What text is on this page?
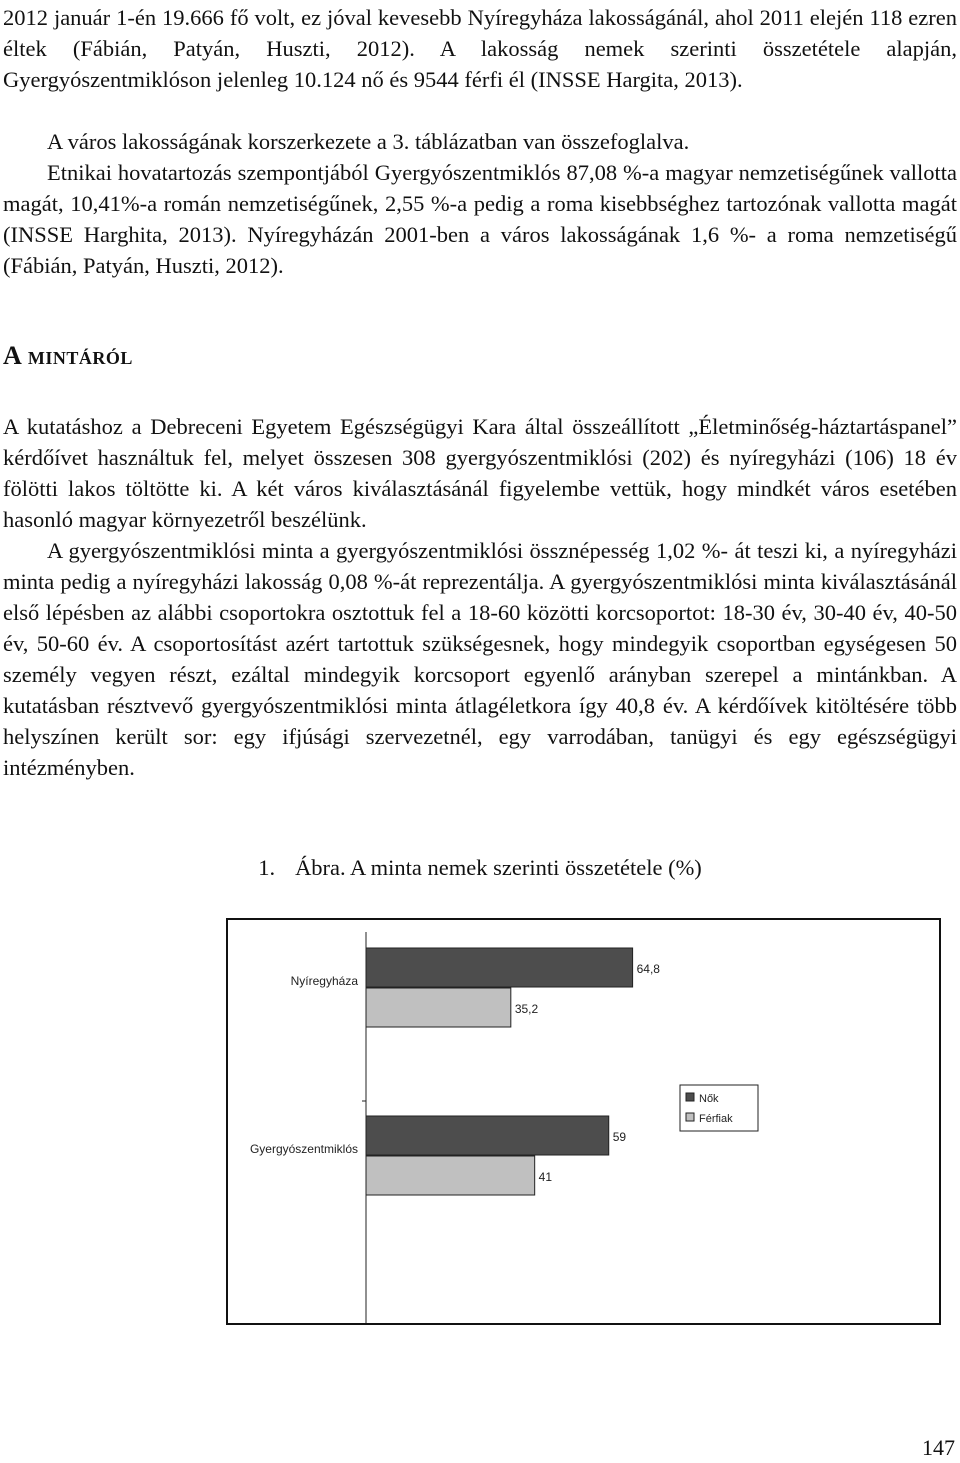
2012 január 1-én 19.666 fő volt, ez jóval kevesebb Nyíregyháza lakosságánál, ahol 2011 elején 118 ezren éltek (Fábián, Patyán, Huszti, 2012). A lakosság nemek szerinti összetétele alapján, Gyergyószentmiklóson jelenleg 10.124 nő és 9544 férfi él (INSSE Hargita, 2013).

A város lakosságának korszerkezete a 3. táblázatban van összefoglalva.

Etnikai hovatartozás szempontjából Gyergyószentmiklós 87,08 %-a magyar nemzetiségűnek vallotta magát, 10,41%-a román nemzetiségűnek, 2,55 %-a pedig a roma kisebbséghez tartozónak vallotta magát (INSSE Harghita, 2013). Nyíregyházán 2001-ben a város lakosságának 1,6 %- a roma nemzetiségű (Fábián, Patyán, Huszti, 2012).

A mintáról

A kutatáshoz a Debreceni Egyetem Egészségügyi Kara által összeállított „Életminőség-háztartáspanel” kérdőívet használtuk fel, melyet összesen 308 gyergyószentmiklósi (202) és nyíregyházi (106) 18 év fölötti lakos töltötte ki. A két város kiválasztásánál figyelembe vettük, hogy mindkét város esetében hasonló magyar környezetről beszélünk.

A gyergyószentmiklósi minta a gyergyószentmiklósi össznépesség 1,02 %- át teszi ki, a nyíregyházi minta pedig a nyíregyházi lakosság 0,08 %-át reprezentálja. A gyergyószentmiklósi minta kiválasztásánál első lépésben az alábbi csoportokra osztottuk fel a 18-60 közötti korcsoportot: 18-30 év, 30-40 év, 40-50 év, 50-60 év. A csoportosítást azért tartottuk szükségesnek, hogy mindegyik csoportban egységesen 50 személy vegyen részt, ezáltal mindegyik korcsoport egyenlő arányban szerepel a mintánkban. A kutatásban résztvevő gyergyószentmiklósi minta átlagéletkora így 40,8 év. A kérdőívek kitöltésére több helyszínen került sor: egy ifjúsági szervezetnél, egy varrodában, tanügyi és egy egészségügyi intézményben.

1. Ábra. A minta nemek szerinti összetétele (%)

64,8
35,2
Nyíregyháza
59
41
Gyergyószentmiklós
Nők
Férfiak

147
